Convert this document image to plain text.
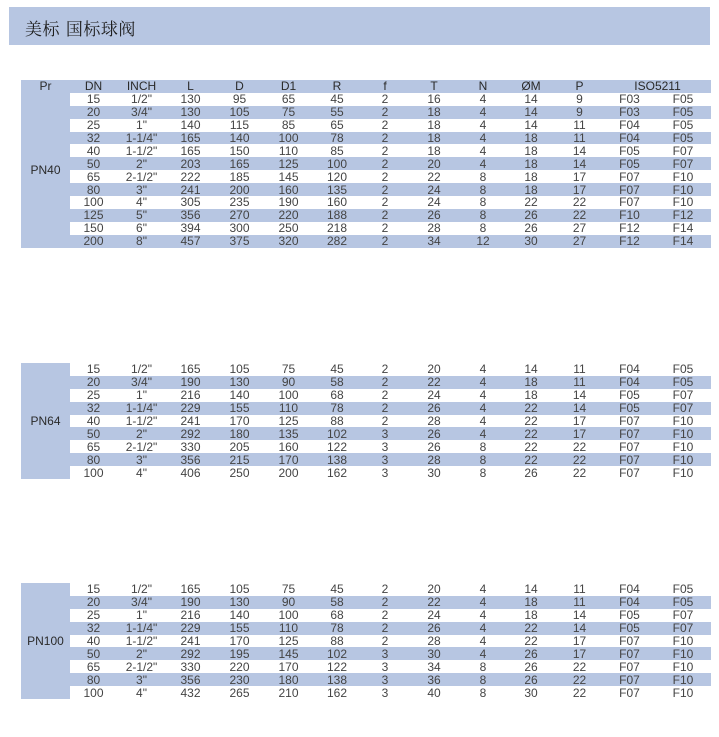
美标 国标球阀
Pr	DN	INCH	L	D	D1	R	f	T	N	ØM	P	ISO5211	
PN40	15	1/2"	130	95	65	45	2	16	4	14	9	F03	F05
	20	3/4"	130	105	75	55	2	18	4	14	9	F03	F05
	25	1"	140	115	85	65	2	18	4	14	11	F04	F05
	32	1-1/4"	165	140	100	78	2	18	4	18	11	F04	F05
	40	1-1/2"	165	150	110	85	2	18	4	18	14	F05	F07
	50	2"	203	165	125	100	2	20	4	18	14	F05	F07
	65	2-1/2"	222	185	145	120	2	22	8	18	17	F07	F10
	80	3"	241	200	160	135	2	24	8	18	17	F07	F10
	100	4"	305	235	190	160	2	24	8	22	22	F07	F10
	125	5"	356	270	220	188	2	26	8	26	22	F10	F12
	150	6"	394	300	250	218	2	28	8	26	27	F12	F14
	200	8"	457	375	320	282	2	34	12	30	27	F12	F14
PN64	15	1/2"	165	105	75	45	2	20	4	14	11	F04	F05
	20	3/4"	190	130	90	58	2	22	4	18	11	F04	F05
	25	1"	216	140	100	68	2	24	4	18	14	F05	F07
	32	1-1/4"	229	155	110	78	2	26	4	22	14	F05	F07
	40	1-1/2"	241	170	125	88	2	28	4	22	17	F07	F10
	50	2"	292	180	135	102	3	26	4	22	17	F07	F10
	65	2-1/2"	330	205	160	122	3	26	8	22	22	F07	F10
	80	3"	356	215	170	138	3	28	8	22	22	F07	F10
	100	4"	406	250	200	162	3	30	8	26	22	F07	F10
PN100	15	1/2"	165	105	75	45	2	20	4	14	11	F04	F05
	20	3/4"	190	130	90	58	2	22	4	18	11	F04	F05
	25	1"	216	140	100	68	2	24	4	18	14	F05	F07
	32	1-1/4"	229	155	110	78	2	26	4	22	14	F05	F07
	40	1-1/2"	241	170	125	88	2	28	4	22	17	F07	F10
	50	2"	292	195	145	102	3	30	4	26	17	F07	F10
	65	2-1/2"	330	220	170	122	3	34	8	26	22	F07	F10
	80	3"	356	230	180	138	3	36	8	26	22	F07	F10
	100	4"	432	265	210	162	3	40	8	30	22	F07	F10
